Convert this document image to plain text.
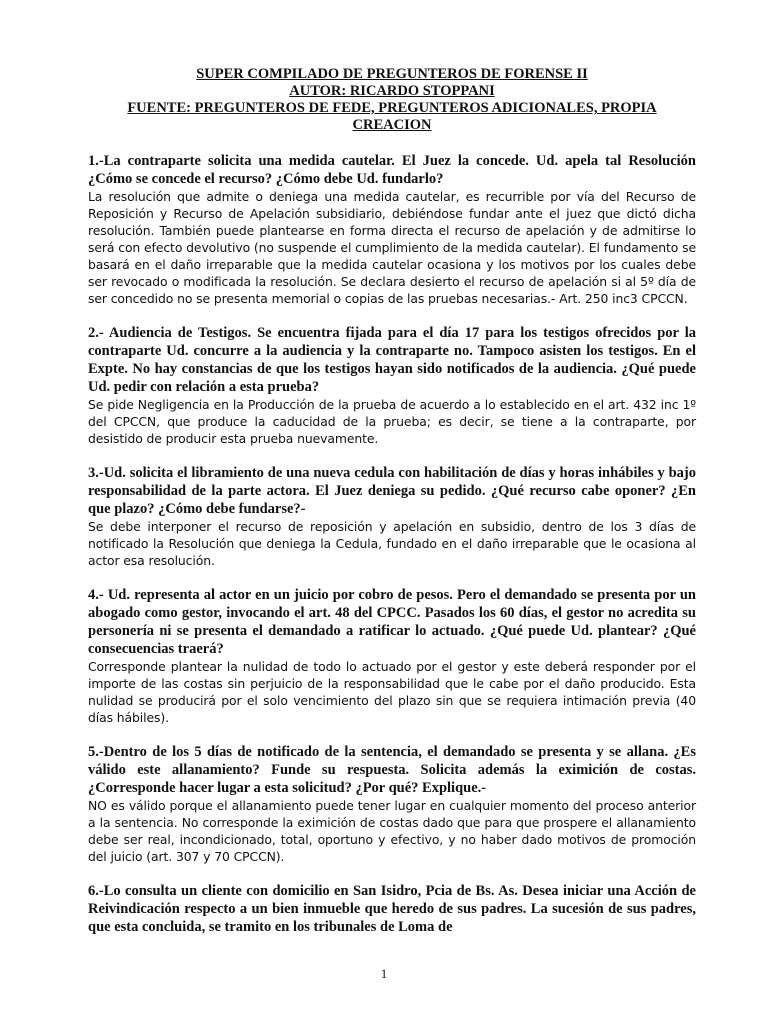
SUPER COMPILADO DE PREGUNTEROS DE FORENSE II
AUTOR: RICARDO STOPPANI
FUENTE: PREGUNTEROS DE FEDE, PREGUNTEROS ADICIONALES, PROPIA
CREACION

1.-La contraparte solicita una medida cautelar. El Juez la concede. Ud. apela tal Resolución ¿Cómo se concede el recurso? ¿Cómo debe Ud. fundarlo?

La resolución que admite o deniega una medida cautelar, es recurrible por vía del Recurso de Reposición y Recurso de Apelación subsidiario, debiéndose fundar ante el juez que dictó dicha resolución. También puede plantearse en forma directa el recurso de apelación y de admitirse lo será con efecto devolutivo (no suspende el cumplimiento de la medida cautelar). El fundamento se basará en el daño irreparable que la medida cautelar ocasiona y los motivos por los cuales debe ser revocado o modificada la resolución. Se declara desierto el recurso de apelación si al 5º día de ser concedido no se presenta memorial o copias de las pruebas necesarias.- Art. 250 inc3 CPCCN.

2.- Audiencia de Testigos. Se encuentra fijada para el día 17 para los testigos ofrecidos por la contraparte Ud. concurre a la audiencia y la contraparte no. Tampoco asisten los testigos. En el Expte. No hay constancias de que los testigos hayan sido notificados de la audiencia. ¿Qué puede Ud. pedir con relación a esta prueba?

Se pide Negligencia en la Producción de la prueba de acuerdo a lo establecido en el art. 432 inc 1º del CPCCN, que produce la caducidad de la prueba; es decir, se tiene a la contraparte, por desistido de producir esta prueba nuevamente.

3.-Ud. solicita el libramiento de una nueva cedula con habilitación de días y horas inhábiles y bajo responsabilidad de la parte actora. El Juez deniega su pedido. ¿Qué recurso cabe oponer? ¿En que plazo? ¿Cómo debe fundarse?-

Se debe interponer el recurso de reposición y apelación en subsidio, dentro de los 3 días de notificado la Resolución que deniega la Cedula, fundado en el daño irreparable que le ocasiona al actor esa resolución.

4.- Ud. representa al actor en un juicio por cobro de pesos. Pero el demandado se presenta por un abogado como gestor, invocando el art. 48 del CPCC. Pasados los 60 días, el gestor no acredita su personería ni se presenta el demandado a ratificar lo actuado. ¿Qué puede Ud. plantear? ¿Qué consecuencias traerá?

Corresponde plantear la nulidad de todo lo actuado por el gestor y este deberá responder por el importe de las costas sin perjuicio de la responsabilidad que le cabe por el daño producido. Esta nulidad se producirá por el solo vencimiento del plazo sin que se requiera intimación previa (40 días hábiles).

5.-Dentro de los 5 días de notificado de la sentencia, el demandado se presenta y se allana. ¿Es válido este allanamiento? Funde su respuesta. Solicita además la eximición de costas. ¿Corresponde hacer lugar a esta solicitud? ¿Por qué? Explique.-

NO es válido porque el allanamiento puede tener lugar en cualquier momento del proceso anterior a la sentencia. No corresponde la eximición de costas dado que para que prospere el allanamiento debe ser real, incondicionado, total, oportuno y efectivo, y no haber dado motivos de promoción del juicio (art. 307 y 70 CPCCN).

6.-Lo consulta un cliente con domicilio en San Isidro, Pcia de Bs. As. Desea iniciar una Acción de Reivindicación respecto a un bien inmueble que heredo de sus padres. La sucesión de sus padres, que esta concluida, se tramito en los tribunales de Loma de

1
